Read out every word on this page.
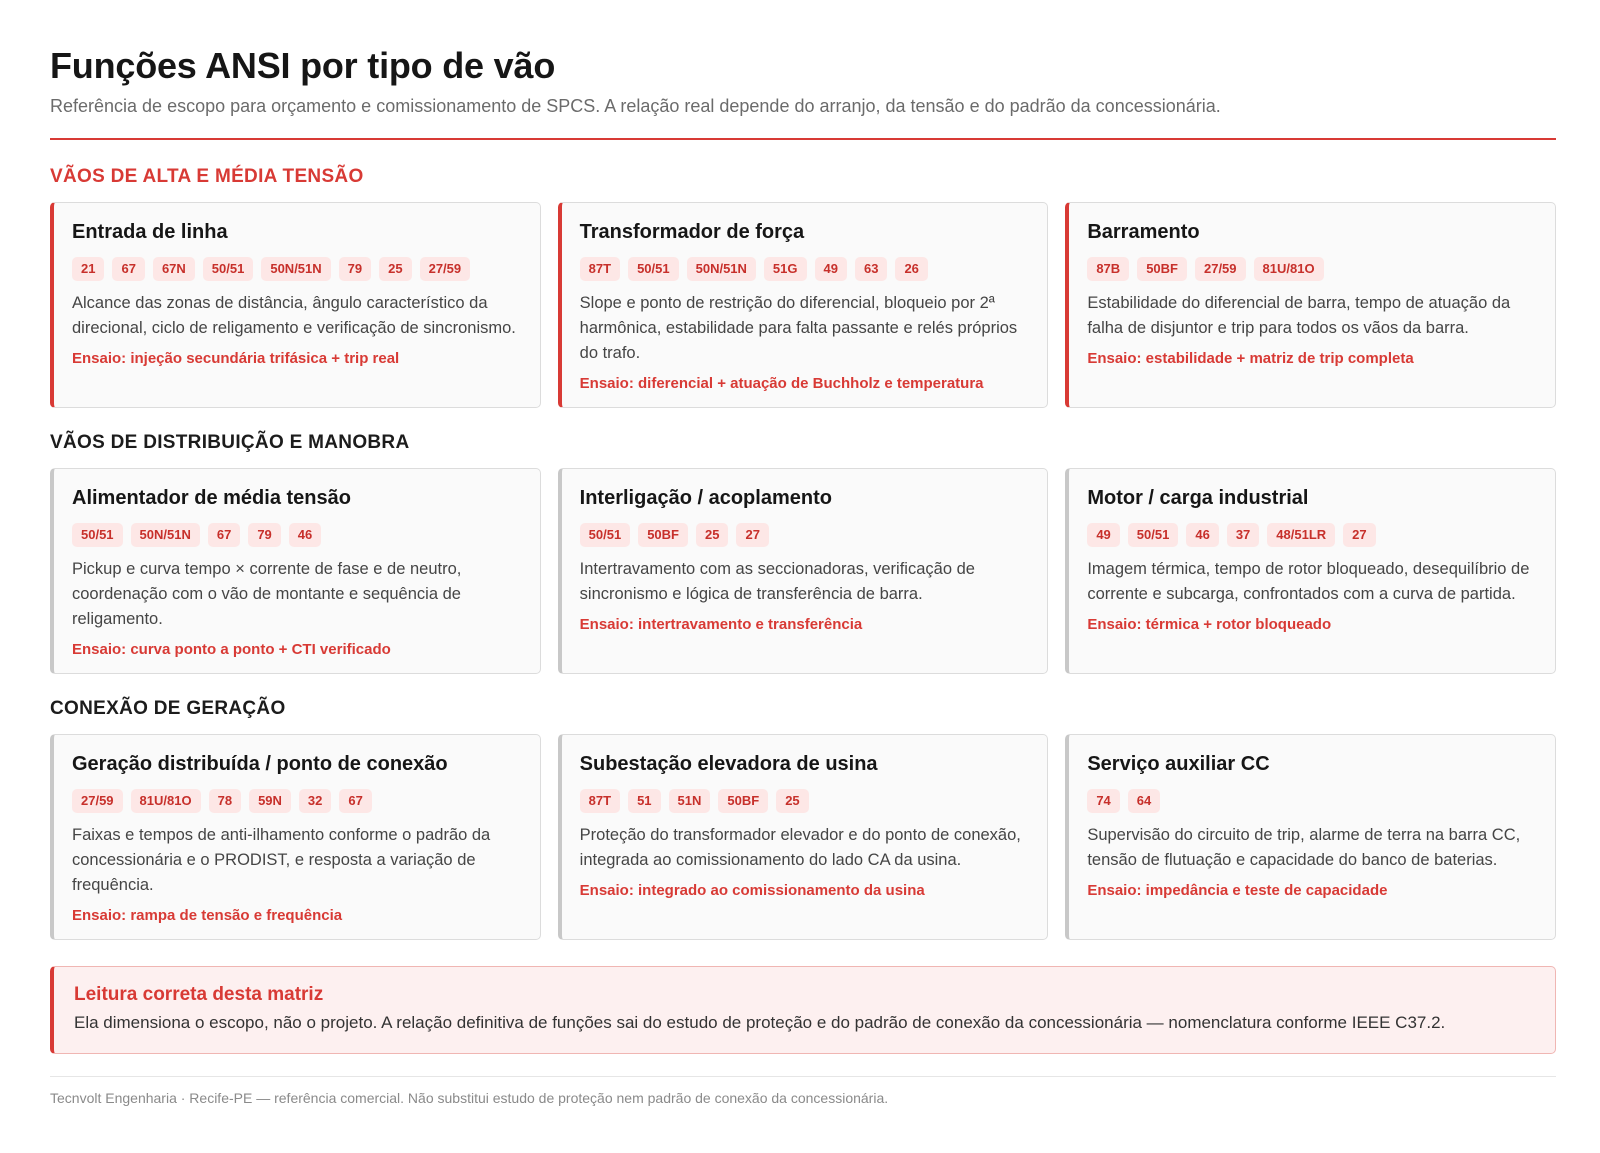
Funções ANSI por tipo de vão

Referência de escopo para orçamento e comissionamento de SPCS. A relação real depende do arranjo, da tensão e do padrão da concessionária.

VÃOS DE ALTA E MÉDIA TENSÃO
Entrada de linha
21	67	67N	50/51	50N/51N	79	25	27/59

Alcance das zonas de distância, ângulo característico da direcional, ciclo de religamento e verificação de sincronismo.

Ensaio: injeção secundária trifásica + trip real

Transformador de força
87T	50/51	50N/51N	51G	49	63	26

Slope e ponto de restrição do diferencial, bloqueio por 2ª harmônica, estabilidade para falta passante e relés próprios do trafo.

Ensaio: diferencial + atuação de Buchholz e temperatura

Barramento
87B	50BF	27/59	81U/81O

Estabilidade do diferencial de barra, tempo de atuação da falha de disjuntor e trip para todos os vãos da barra.

Ensaio: estabilidade + matriz de trip completa

VÃOS DE DISTRIBUIÇÃO E MANOBRA
Alimentador de média tensão
50/51	50N/51N	67	79	46

Pickup e curva tempo × corrente de fase e de neutro, coordenação com o vão de montante e sequência de religamento.

Ensaio: curva ponto a ponto + CTI verificado

Interligação / acoplamento
50/51	50BF	25	27

Intertravamento com as seccionadoras, verificação de sincronismo e lógica de transferência de barra.

Ensaio: intertravamento e transferência

Motor / carga industrial
49	50/51	46	37	48/51LR	27

Imagem térmica, tempo de rotor bloqueado, desequilíbrio de corrente e subcarga, confrontados com a curva de partida.

Ensaio: térmica + rotor bloqueado

CONEXÃO DE GERAÇÃO
Geração distribuída / ponto de conexão
27/59	81U/81O	78	59N	32	67

Faixas e tempos de anti-ilhamento conforme o padrão da concessionária e o PRODIST, e resposta a variação de frequência.

Ensaio: rampa de tensão e frequência

Subestação elevadora de usina
87T	51	51N	50BF	25

Proteção do transformador elevador e do ponto de conexão, integrada ao comissionamento do lado CA da usina.

Ensaio: integrado ao comissionamento da usina

Serviço auxiliar CC
74	64

Supervisão do circuito de trip, alarme de terra na barra CC, tensão de flutuação e capacidade do banco de baterias.

Ensaio: impedância e teste de capacidade

Leitura correta desta matriz

Ela dimensiona o escopo, não o projeto. A relação definitiva de funções sai do estudo de proteção e do padrão de conexão da concessionária — nomenclatura conforme IEEE C37.2.

Tecnvolt Engenharia · Recife-PE — referência comercial. Não substitui estudo de proteção nem padrão de conexão da concessionária.
